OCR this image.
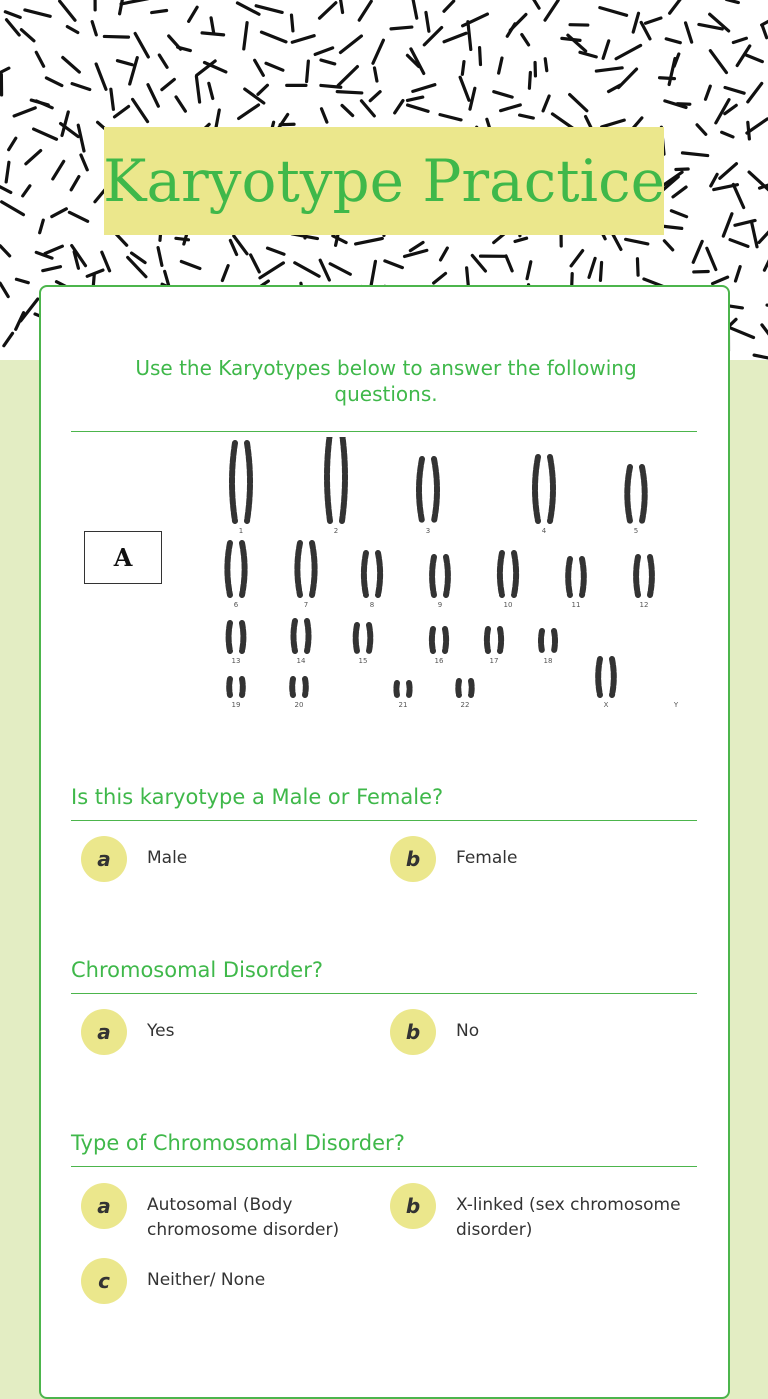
Karyotype Practice
Use the Karyotypes below to answer the following questions.
A
1	2	3	4	5
6	7	8	9	10	11	12
13	14	15	16	17	18
19	20	21	22	X	Y
Is this karyotype a Male or Female?
a	Male	b	Female
Chromosomal Disorder?
a	Yes	b	No
Type of Chromosomal Disorder?
a	Autosomal (Body chromosome disorder)
b	X-linked (sex chromosome disorder)
c	Neither/ None
